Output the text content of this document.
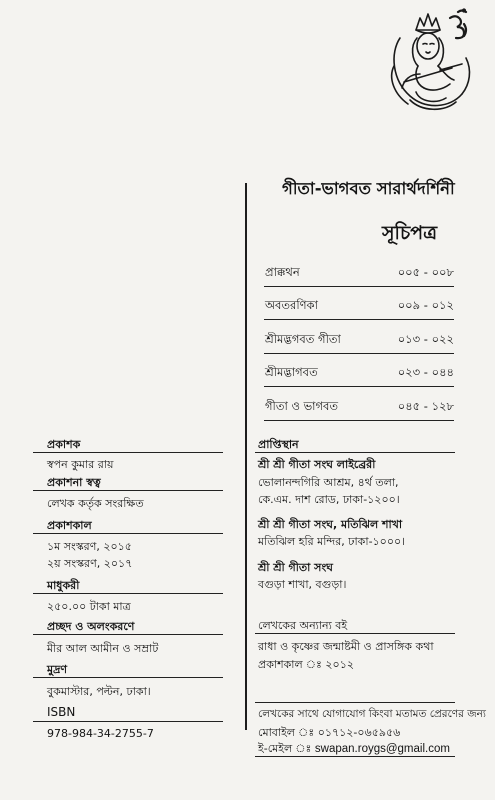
গীতা-ভাগবত সারার্থদর্শিনী
সূচিপত্র
প্রাক্কথন	০০৫ - ০০৮
অবতরণিকা	০০৯ - ০১২
শ্রীমদ্ভগবত গীতা	০১৩ - ০২২
শ্রীমদ্ভাগবত	০২৩ - ০৪৪
গীতা ও ভাগবত	০৪৫ - ১২৮
প্রকাশক
স্বপন কুমার রায়
প্রকাশনা স্বত্ব
লেখক কর্তৃক সংরক্ষিত
প্রকাশকাল
১ম সংস্করণ, ২০১৫
২য় সংস্করণ, ২০১৭
মাধুকরী
২৫০.০০ টাকা মাত্র
প্রচ্ছদ ও অলংকরণে
মীর আল আমীন ও সম্রাট
মুদ্রণ
বুকমাস্টার, পল্টন, ঢাকা।
ISBN
978-984-34-2755-7
প্রাপ্তিস্থান
শ্রী শ্রী গীতা সংঘ লাইব্রেরী
ভোলানন্দগিরি আশ্রম, ৪র্থ তলা,
কে.এম. দাশ রোড, ঢাকা-১২০০।
শ্রী শ্রী গীতা সংঘ, মতিঝিল শাখা
মতিঝিল হরি মন্দির, ঢাকা-১০০০।
শ্রী শ্রী গীতা সংঘ
বগুড়া শাখা, বগুড়া।
লেখকের অন্যান্য বই
রাধা ও কৃষ্ণের জন্মাষ্টমী ও প্রাসঙ্গিক কথা
প্রকাশকাল ঃ ২০১২
লেখকের সাথে যোগাযোগ কিংবা মতামত প্রেরণের জন্য
মোবাইল ঃ ০১৭১২-০৬৫৯৫৬
ই-মেইল ঃ swapan.roygs@gmail.com
